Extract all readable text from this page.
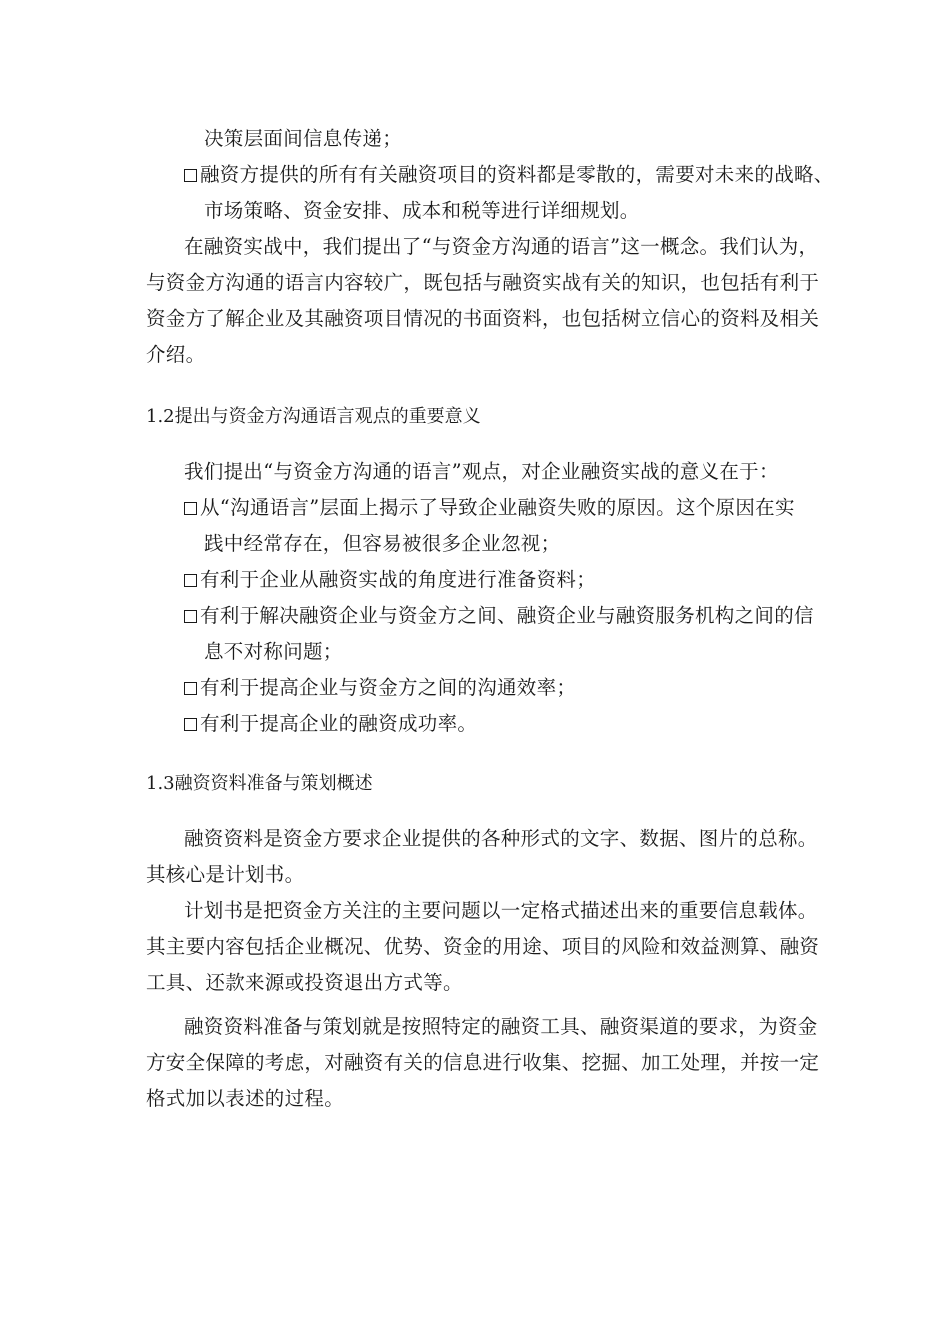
决策层面间信息传递；
融资方提供的所有有关融资项目的资料都是零散的，需要对未来的战略、
市场策略、资金安排、成本和税等进行详细规划。
在融资实战中，我们提出了“与资金方沟通的语言”这一概念。我们认为，
与资金方沟通的语言内容较广，既包括与融资实战有关的知识，也包括有利于
资金方了解企业及其融资项目情况的书面资料，也包括树立信心的资料及相关
介绍。
1.2提出与资金方沟通语言观点的重要意义
我们提出“与资金方沟通的语言”观点，对企业融资实战的意义在于：
从“沟通语言”层面上揭示了导致企业融资失败的原因。这个原因在实
践中经常存在，但容易被很多企业忽视；
有利于企业从融资实战的角度进行准备资料；
有利于解决融资企业与资金方之间、融资企业与融资服务机构之间的信
息不对称问题；
有利于提高企业与资金方之间的沟通效率；
有利于提高企业的融资成功率。
1.3融资资料准备与策划概述
融资资料是资金方要求企业提供的各种形式的文字、数据、图片的总称。
其核心是计划书。
计划书是把资金方关注的主要问题以一定格式描述出来的重要信息载体。
其主要内容包括企业概况、优势、资金的用途、项目的风险和效益测算、融资
工具、还款来源或投资退出方式等。
融资资料准备与策划就是按照特定的融资工具、融资渠道的要求，为资金
方安全保障的考虑，对融资有关的信息进行收集、挖掘、加工处理，并按一定
格式加以表述的过程。
